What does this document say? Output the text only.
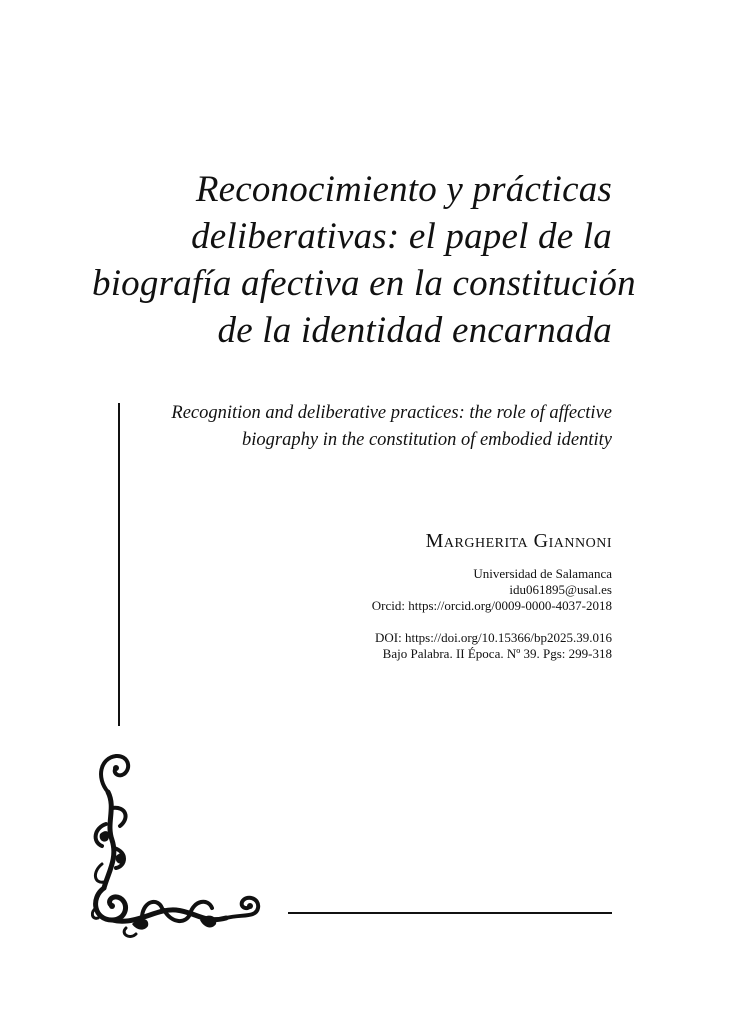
Reconocimiento y prácticas
deliberativas: el papel de la
biografía afectiva en la constitución
de la identidad encarnada
Recognition and deliberative practices: the role of affective
biography in the constitution of embodied identity
Margherita Giannoni
Universidad de Salamanca
idu061895@usal.es
Orcid: https://orcid.org/0009-0000-4037-2018
DOI: https://doi.org/10.15366/bp2025.39.016
Bajo Palabra. II Época. Nº 39. Pgs: 299-318
